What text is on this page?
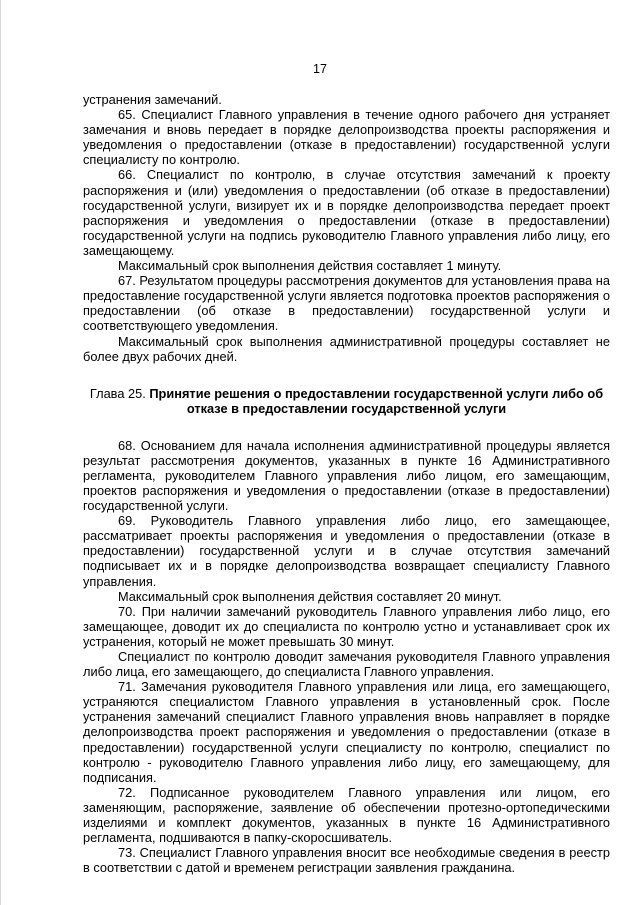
17

устранения замечаний.

65. Специалист Главного управления в течение одного рабочего дня устраняет замечания и вновь передает в порядке делопроизводства проекты распоряжения и уведомления о предоставлении (отказе в предоставлении) государственной услуги специалисту по контролю.

66. Специалист по контролю, в случае отсутствия замечаний к проекту распоряжения и (или) уведомления о предоставлении (об отказе в предоставлении) государственной услуги, визирует их и в порядке делопроизводства передает проект распоряжения и уведомления о предоставлении (отказе в предоставлении) государственной услуги на подпись руководителю Главного управления либо лицу, его замещающему.

Максимальный срок выполнения действия составляет 1 минуту.

67. Результатом процедуры рассмотрения документов для установления права на предоставление государственной услуги является подготовка проектов распоряжения о предоставлении (об отказе в предоставлении) государственной услуги и соответствующего уведомления.

Максимальный срок выполнения административной процедуры составляет не более двух рабочих дней.

Глава 25. Принятие решения о предоставлении государственной услуги либо об отказе в предоставлении государственной услуги

68. Основанием для начала исполнения административной процедуры является результат рассмотрения документов, указанных в пункте 16 Административного регламента, руководителем Главного управления либо лицом, его замещающим, проектов распоряжения и уведомления о предоставлении (отказе в предоставлении) государственной услуги.

69. Руководитель Главного управления либо лицо, его замещающее, рассматривает проекты распоряжения и уведомления о предоставлении (отказе в предоставлении) государственной услуги и в случае отсутствия замечаний подписывает их и в порядке делопроизводства возвращает специалисту Главного управления.

Максимальный срок выполнения действия составляет 20 минут.

70. При наличии замечаний руководитель Главного управления либо лицо, его замещающее, доводит их до специалиста по контролю устно и устанавливает срок их устранения, который не может превышать 30 минут.

Специалист по контролю доводит замечания руководителя Главного управления либо лица, его замещающего, до специалиста Главного управления.

71. Замечания руководителя Главного управления или лица, его замещающего, устраняются специалистом Главного управления в установленный срок. После устранения замечаний специалист Главного управления вновь направляет в порядке делопроизводства проект распоряжения и уведомления о предоставлении (отказе в предоставлении) государственной услуги специалисту по контролю, специалист по контролю - руководителю Главного управления либо лицу, его замещающему, для подписания.

72. Подписанное руководителем Главного управления или лицом, его заменяющим, распоряжение, заявление об обеспечении протезно-ортопедическими изделиями и комплект документов, указанных в пункте 16 Административного регламента, подшиваются в папку-скоросшиватель.

73. Специалист Главного управления вносит все необходимые сведения в реестр в соответствии с датой и временем регистрации заявления гражданина.
